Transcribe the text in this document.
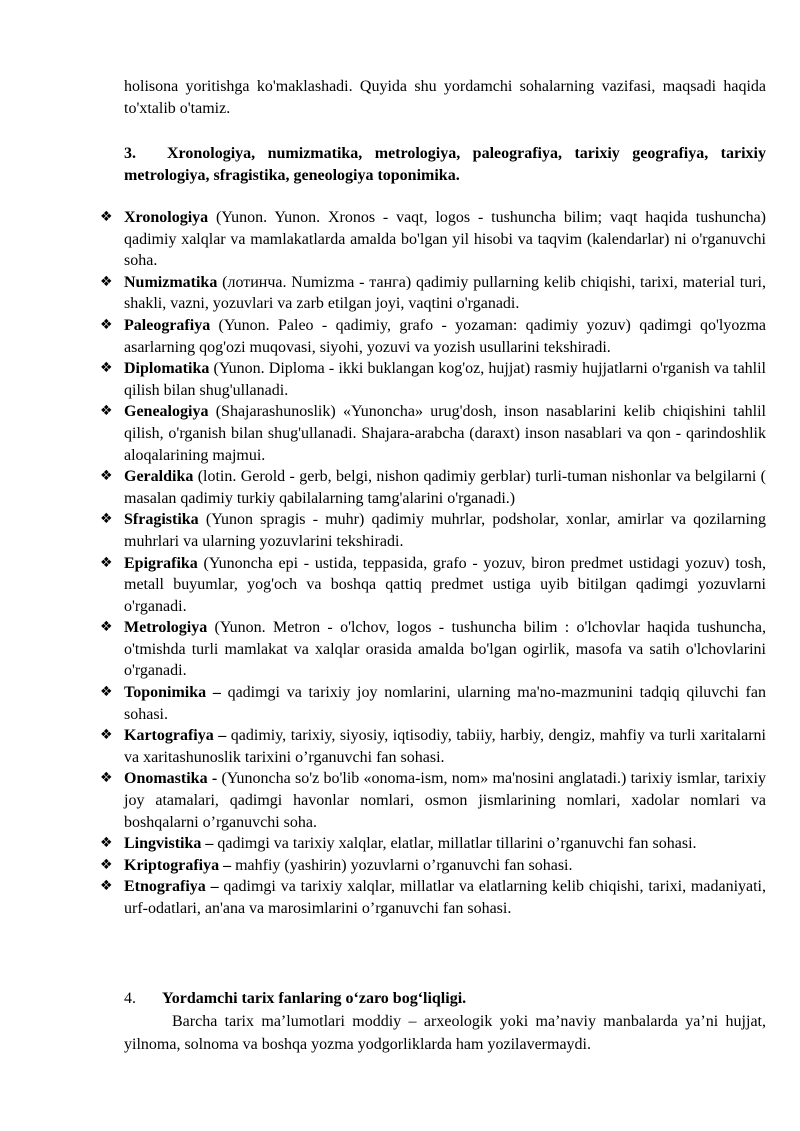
holisona yoritishga ko'maklashadi. Quyida shu yordamchi sohalarning vazifasi, maqsadi haqida to'xtalib o'tamiz.
3. Xronologiya, numizmatika, metrologiya, paleografiya, tarixiy geografiya, tarixiy metrologiya, sfragistika, geneologiya toponimika.
❖ Xronologiya (Yunon. Yunon. Xronos - vaqt, logos - tushuncha bilim; vaqt haqida tushuncha) qadimiy xalqlar va mamlakatlarda amalda bo'lgan yil hisobi va taqvim (kalendarlar) ni o'rganuvchi soha.
❖ Numizmatika (лотинча. Numizma - танга) qadimiy pullarning kelib chiqishi, tarixi, material turi, shakli, vazni, yozuvlari va zarb etilgan joyi, vaqtini o'rganadi.
❖ Paleografiya (Yunon. Paleo - qadimiy, grafo - yozaman: qadimiy yozuv) qadimgi qo'lyozma asarlarning qog'ozi muqovasi, siyohi, yozuvi va yozish usullarini tekshiradi.
❖ Diplomatika (Yunon. Diploma - ikki buklangan kog'oz, hujjat) rasmiy hujjatlarni o'rganish va tahlil qilish bilan shug'ullanadi.
❖ Genealogiya (Shajarashunoslik) «Yunoncha» urug'dosh, inson nasablarini kelib chiqishini tahlil qilish, o'rganish bilan shug'ullanadi. Shajara-arabcha (daraxt) inson nasablari va qon - qarindoshlik aloqalarining majmui.
❖ Geraldika (lotin. Gerold - gerb, belgi, nishon qadimiy gerblar) turli-tuman nishonlar va belgilarni ( masalan qadimiy turkiy qabilalarning tamg'alarini o'rganadi.)
❖ Sfragistika (Yunon spragis - muhr) qadimiy muhrlar, podsholar, xonlar, amirlar va qozilarning muhrlari va ularning yozuvlarini tekshiradi.
❖ Epigrafika (Yunoncha epi - ustida, teppasida, grafo - yozuv, biron predmet ustidagi yozuv) tosh, metall buyumlar, yog'och va boshqa qattiq predmet ustiga uyib bitilgan qadimgi yozuvlarni o'rganadi.
❖ Metrologiya (Yunon. Metron - o'lchov, logos - tushuncha bilim : o'lchovlar haqida tushuncha, o'tmishda turli mamlakat va xalqlar orasida amalda bo'lgan ogirlik, masofa va satih o'lchovlarini o'rganadi.
❖ Toponimika – qadimgi va tarixiy joy nomlarini, ularning ma'no-mazmunini tadqiq qiluvchi fan sohasi.
❖ Kartografiya – qadimiy, tarixiy, siyosiy, iqtisodiy, tabiiy, harbiy, dengiz, mahfiy va turli xaritalarni va xaritashunoslik tarixini o’rganuvchi fan sohasi.
❖ Onomastika - (Yunoncha so'z bo'lib «onoma-ism, nom» ma'nosini anglatadi.) tarixiy ismlar, tarixiy joy atamalari, qadimgi havonlar nomlari, osmon jismlarining nomlari, xadolar nomlari va boshqalarni o’rganuvchi soha.
❖ Lingvistika – qadimgi va tarixiy xalqlar, elatlar, millatlar tillarini o’rganuvchi fan sohasi.
❖ Kriptografiya – mahfiy (yashirin) yozuvlarni o’rganuvchi fan sohasi.
❖ Etnografiya – qadimgi va tarixiy xalqlar, millatlar va elatlarning kelib chiqishi, tarixi, madaniyati, urf-odatlari, an'ana va marosimlarini o’rganuvchi fan sohasi.
4. Yordamchi tarix fanlaring o‘zaro bog‘liqligi.
Barcha tarix ma’lumotlari moddiy – arxeologik yoki ma’naviy manbalarda ya’ni hujjat, yilnoma, solnoma va boshqa yozma yodgorliklarda ham yozilavermaydi.
